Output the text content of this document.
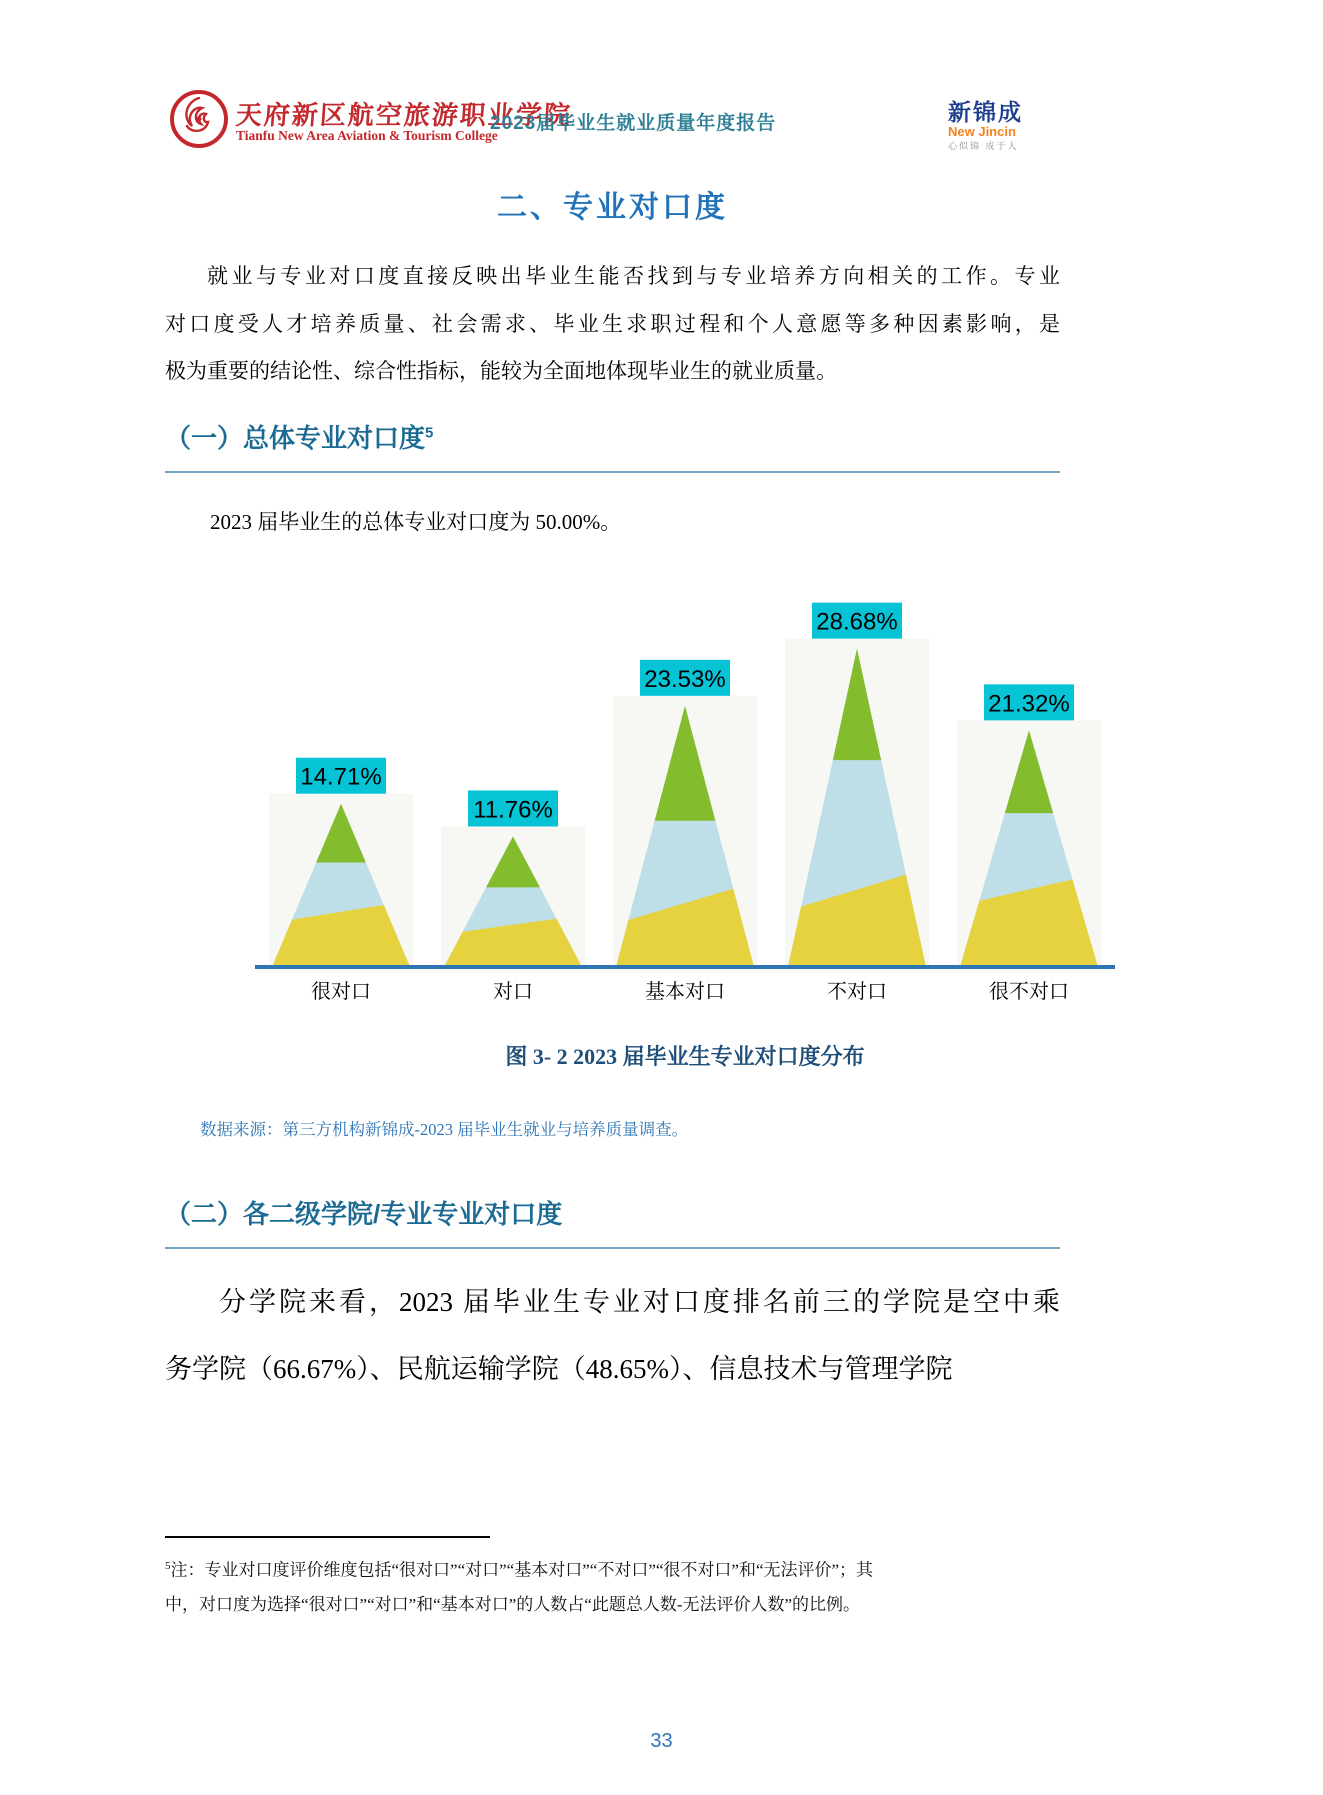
天府新区航空旅游职业学院
Tianfu New Area Aviation & Tourism College
2023届毕业生就业质量年度报告	新锦成
New Jincin
心似锦 成于人
二、专业对口度
就业与专业对口度直接反映出毕业生能否找到与专业培养方向相关的工作。专业
对口度受人才培养质量、社会需求、毕业生求职过程和个人意愿等多种因素影响，是
极为重要的结论性、综合性指标，能较为全面地体现毕业生的就业质量。
（一）总体专业对口度$^5$
2023 届毕业生的总体专业对口度为 50.00%。
14.71%
很对口
11.76%
对口
23.53%
基本对口
28.68%
不对口
21.32%
很不对口
图 3- 2 2023 届毕业生专业对口度分布
数据来源：第三方机构新锦成-2023 届毕业生就业与培养质量调查。
（二）各二级学院/专业专业对口度
分学院来看，2023 届毕业生专业对口度排名前三的学院是空中乘
务学院（66.67%）、民航运输学院（48.65%）、信息技术与管理学院
$^5$注：专业对口度评价维度包括“很对口”“对口”“基本对口”“不对口”“很不对口”和“无法评价”；其
中，对口度为选择“很对口”“对口”和“基本对口”的人数占“此题总人数-无法评价人数”的比例。
33
